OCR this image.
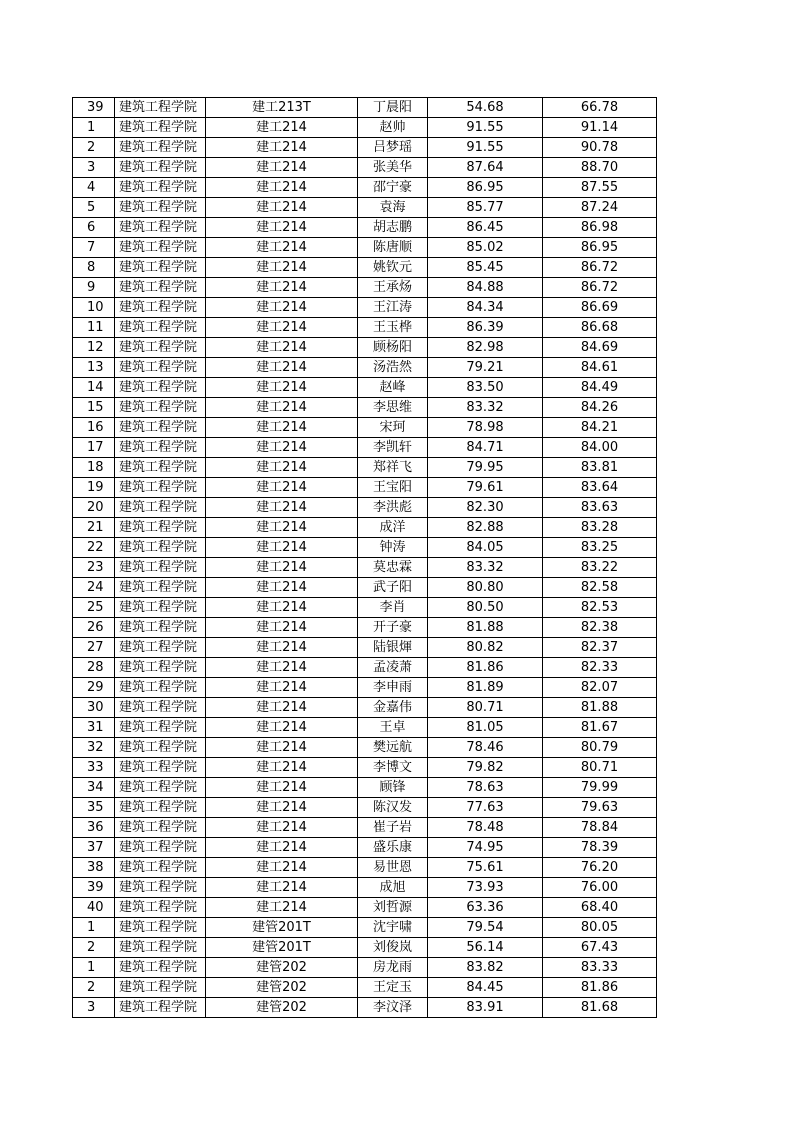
39	建筑工程学院	建工213T	丁晨阳	54.68	66.78
1	建筑工程学院	建工214	赵帅	91.55	91.14
2	建筑工程学院	建工214	吕梦瑶	91.55	90.78
3	建筑工程学院	建工214	张美华	87.64	88.70
4	建筑工程学院	建工214	邵宁豪	86.95	87.55
5	建筑工程学院	建工214	袁海	85.77	87.24
6	建筑工程学院	建工214	胡志鹏	86.45	86.98
7	建筑工程学院	建工214	陈唐顺	85.02	86.95
8	建筑工程学院	建工214	姚钦元	85.45	86.72
9	建筑工程学院	建工214	王承炀	84.88	86.72
10	建筑工程学院	建工214	王江涛	84.34	86.69
11	建筑工程学院	建工214	王玉桦	86.39	86.68
12	建筑工程学院	建工214	顾杨阳	82.98	84.69
13	建筑工程学院	建工214	汤浩然	79.21	84.61
14	建筑工程学院	建工214	赵峰	83.50	84.49
15	建筑工程学院	建工214	李思维	83.32	84.26
16	建筑工程学院	建工214	宋珂	78.98	84.21
17	建筑工程学院	建工214	李凯轩	84.71	84.00
18	建筑工程学院	建工214	郑祥飞	79.95	83.81
19	建筑工程学院	建工214	王宝阳	79.61	83.64
20	建筑工程学院	建工214	李洪彪	82.30	83.63
21	建筑工程学院	建工214	成洋	82.88	83.28
22	建筑工程学院	建工214	钟涛	84.05	83.25
23	建筑工程学院	建工214	莫忠霖	83.32	83.22
24	建筑工程学院	建工214	武子阳	80.80	82.58
25	建筑工程学院	建工214	李肖	80.50	82.53
26	建筑工程学院	建工214	开子豪	81.88	82.38
27	建筑工程学院	建工214	陆银煇	80.82	82.37
28	建筑工程学院	建工214	孟凌萧	81.86	82.33
29	建筑工程学院	建工214	李申雨	81.89	82.07
30	建筑工程学院	建工214	金嘉伟	80.71	81.88
31	建筑工程学院	建工214	王卓	81.05	81.67
32	建筑工程学院	建工214	樊远航	78.46	80.79
33	建筑工程学院	建工214	李博文	79.82	80.71
34	建筑工程学院	建工214	顾锋	78.63	79.99
35	建筑工程学院	建工214	陈汉发	77.63	79.63
36	建筑工程学院	建工214	崔子岩	78.48	78.84
37	建筑工程学院	建工214	盛乐康	74.95	78.39
38	建筑工程学院	建工214	易世恩	75.61	76.20
39	建筑工程学院	建工214	成旭	73.93	76.00
40	建筑工程学院	建工214	刘哲源	63.36	68.40
1	建筑工程学院	建管201T	沈宇啸	79.54	80.05
2	建筑工程学院	建管201T	刘俊岚	56.14	67.43
1	建筑工程学院	建管202	房龙雨	83.82	83.33
2	建筑工程学院	建管202	王定玉	84.45	81.86
3	建筑工程学院	建管202	李汶泽	83.91	81.68
